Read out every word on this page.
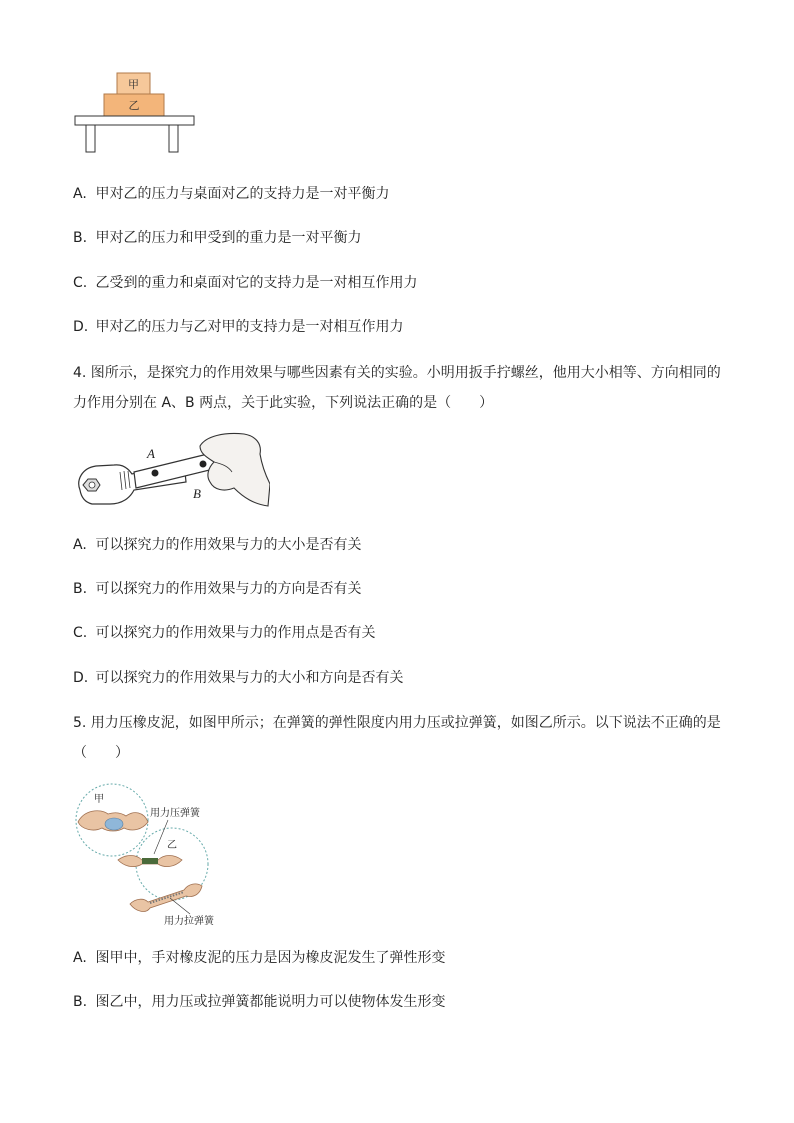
甲
乙
A. 甲对乙的压力与桌面对乙的支持力是一对平衡力
B. 甲对乙的压力和甲受到的重力是一对平衡力
C. 乙受到的重力和桌面对它的支持力是一对相互作用力
D. 甲对乙的压力与乙对甲的支持力是一对相互作用力
4. 图所示，是探究力的作用效果与哪些因素有关的实验。小明用扳手拧螺丝，他用大小相等、方向相同的力作用分别在 A、B 两点，关于此实验，下列说法正确的是（　　）
A
B
A. 可以探究力的作用效果与力的大小是否有关
B. 可以探究力的作用效果与力的方向是否有关
C. 可以探究力的作用效果与力的作用点是否有关
D. 可以探究力的作用效果与力的大小和方向是否有关
5. 用力压橡皮泥，如图甲所示；在弹簧的弹性限度内用力压或拉弹簧，如图乙所示。以下说法不正确的是（　　）
甲
乙
用力压弹簧
用力拉弹簧
A. 图甲中，手对橡皮泥的压力是因为橡皮泥发生了弹性形变
B. 图乙中，用力压或拉弹簧都能说明力可以使物体发生形变
